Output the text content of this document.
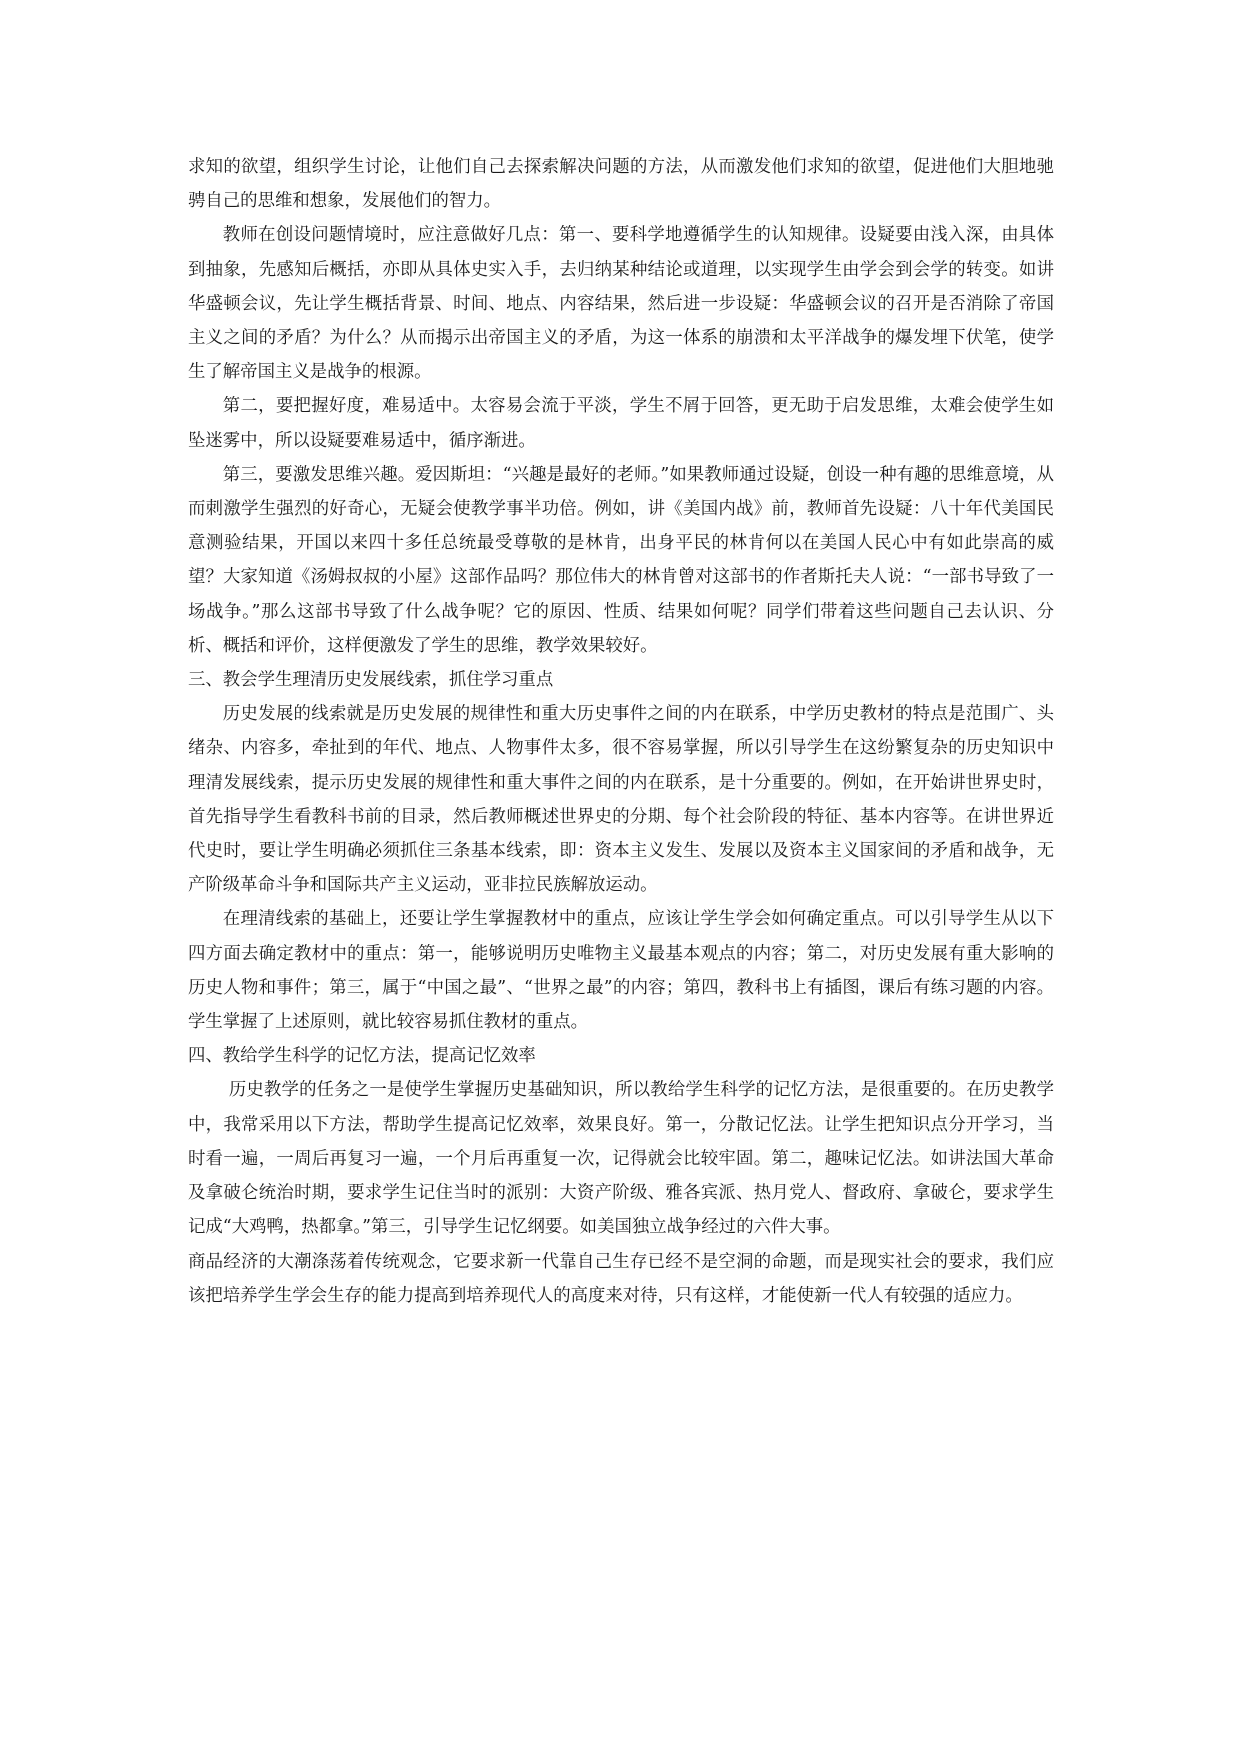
求知的欲望，组织学生讨论，让他们自己去探索解决问题的方法，从而激发他们求知的欲望，促进他们大胆地驰骋自己的思维和想象，发展他们的智力。

教师在创设问题情境时，应注意做好几点：第一、要科学地遵循学生的认知规律。设疑要由浅入深，由具体到抽象，先感知后概括，亦即从具体史实入手，去归纳某种结论或道理，以实现学生由学会到会学的转变。如讲华盛顿会议，先让学生概括背景、时间、地点、内容结果，然后进一步设疑：华盛顿会议的召开是否消除了帝国主义之间的矛盾？为什么？从而揭示出帝国主义的矛盾，为这一体系的崩溃和太平洋战争的爆发埋下伏笔，使学生了解帝国主义是战争的根源。

第二，要把握好度，难易适中。太容易会流于平淡，学生不屑于回答，更无助于启发思维，太难会使学生如坠迷雾中，所以设疑要难易适中，循序渐进。

第三，要激发思维兴趣。爱因斯坦：“兴趣是最好的老师。”如果教师通过设疑，创设一种有趣的思维意境，从而刺激学生强烈的好奇心，无疑会使教学事半功倍。例如，讲《美国内战》前，教师首先设疑：八十年代美国民意测验结果，开国以来四十多任总统最受尊敬的是林肯，出身平民的林肯何以在美国人民心中有如此崇高的威望？大家知道《汤姆叔叔的小屋》这部作品吗？那位伟大的林肯曾对这部书的作者斯托夫人说：“一部书导致了一场战争。”那么这部书导致了什么战争呢？它的原因、性质、结果如何呢？同学们带着这些问题自己去认识、分析、概括和评价，这样便激发了学生的思维，教学效果较好。

三、教会学生理清历史发展线索，抓住学习重点

历史发展的线索就是历史发展的规律性和重大历史事件之间的内在联系，中学历史教材的特点是范围广、头绪杂、内容多，牵扯到的年代、地点、人物事件太多，很不容易掌握，所以引导学生在这纷繁复杂的历史知识中理清发展线索，提示历史发展的规律性和重大事件之间的内在联系，是十分重要的。例如，在开始讲世界史时，首先指导学生看教科书前的目录，然后教师概述世界史的分期、每个社会阶段的特征、基本内容等。在讲世界近代史时，要让学生明确必须抓住三条基本线索，即：资本主义发生、发展以及资本主义国家间的矛盾和战争，无产阶级革命斗争和国际共产主义运动，亚非拉民族解放运动。

在理清线索的基础上，还要让学生掌握教材中的重点，应该让学生学会如何确定重点。可以引导学生从以下四方面去确定教材中的重点：第一，能够说明历史唯物主义最基本观点的内容；第二，对历史发展有重大影响的历史人物和事件；第三，属于“中国之最”、“世界之最”的内容；第四，教科书上有插图，课后有练习题的内容。学生掌握了上述原则，就比较容易抓住教材的重点。

四、教给学生科学的记忆方法，提高记忆效率

历史教学的任务之一是使学生掌握历史基础知识，所以教给学生科学的记忆方法，是很重要的。在历史教学中，我常采用以下方法，帮助学生提高记忆效率，效果良好。第一，分散记忆法。让学生把知识点分开学习，当时看一遍，一周后再复习一遍，一个月后再重复一次，记得就会比较牢固。第二，趣味记忆法。如讲法国大革命及拿破仑统治时期，要求学生记住当时的派别：大资产阶级、雅各宾派、热月党人、督政府、拿破仑，要求学生记成“大鸡鸭，热都拿。”第三，引导学生记忆纲要。如美国独立战争经过的六件大事。

商品经济的大潮涤荡着传统观念，它要求新一代靠自己生存已经不是空洞的命题，而是现实社会的要求，我们应该把培养学生学会生存的能力提高到培养现代人的高度来对待，只有这样，才能使新一代人有较强的适应力。
